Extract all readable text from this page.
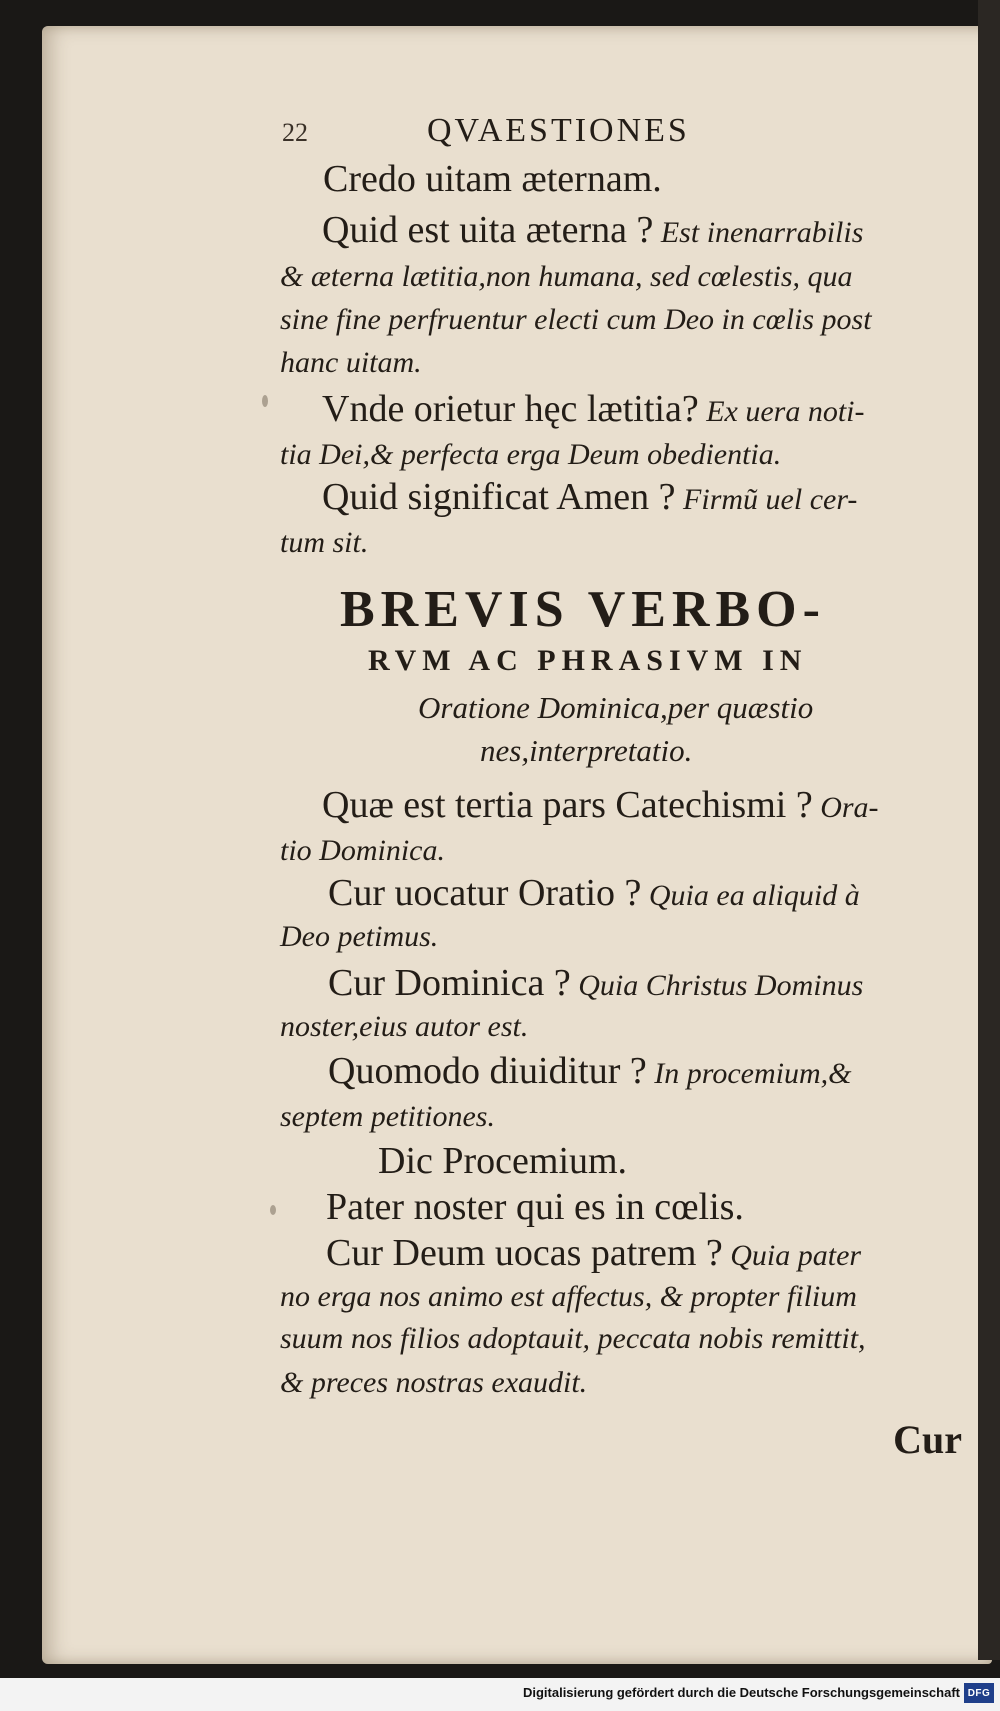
22	QVAESTIONES

Credo uitam æternam.

Quid est uita æterna ? Est inenarrabilis

& æterna lætitia,non humana, sed cœlestis, qua

sine fine perfruentur electi cum Deo in cœlis post

hanc uitam.

Vnde orietur hęc lætitia? Ex uera noti-

tia Dei,& perfecta erga Deum obedientia.

Quid significat Amen ? Firmũ uel cer-

tum sit.

BREVIS VERBO-

RVM AC PHRASIVM IN

Oratione Dominica,per quæstio

nes,interpretatio.

Quæ est tertia pars Catechismi ? Ora-

tio Dominica.

Cur uocatur Oratio ? Quia ea aliquid à

Deo petimus.

Cur Dominica ? Quia Christus Dominus

noster,eius autor est.

Quomodo diuiditur ? In procemium,&

septem petitiones.

Dic Procemium.

Pater noster qui es in cœlis.

Cur Deum uocas patrem ? Quia pater

no erga nos animo est affectus, & propter filium

suum nos filios adoptauit, peccata nobis remittit,

& preces nostras exaudit.

Cur
Digitalisierung gefördert durch die Deutsche Forschungsgemeinschaft DFG
